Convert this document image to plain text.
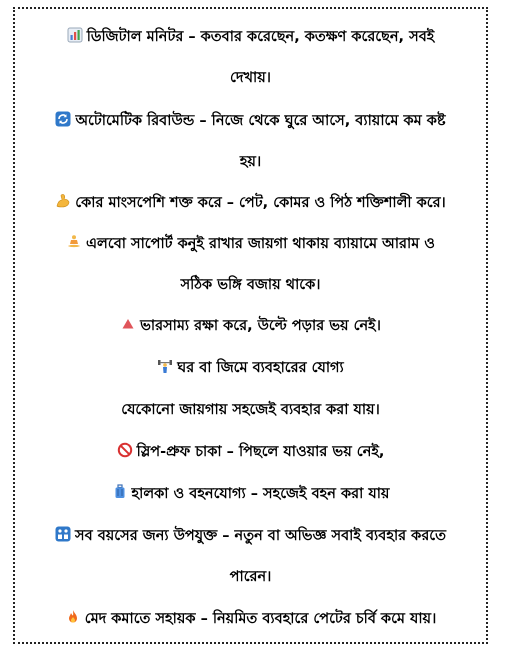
ডিজিটাল মনিটর – কতবার করেছেন, কতক্ষণ করেছেন, সবই
দেখায়।
অটোমেটিক রিবাউন্ড – নিজে থেকে ঘুরে আসে, ব্যায়ামে কম কষ্ট
হয়।
কোর মাংসপেশি শক্ত করে – পেট, কোমর ও পিঠ শক্তিশালী করে।
এলবো সাপোর্ট কনুই রাখার জায়গা থাকায় ব্যায়ামে আরাম ও
সঠিক ভঙ্গি বজায় থাকে।
ভারসাম্য রক্ষা করে, উল্টে পড়ার ভয় নেই।
ঘর বা জিমে ব্যবহারের যোগ্য
যেকোনো জায়গায় সহজেই ব্যবহার করা যায়।
স্লিপ-প্রুফ চাকা – পিছলে যাওয়ার ভয় নেই,
হালকা ও বহনযোগ্য – সহজেই বহন করা যায়
সব বয়সের জন্য উপযুক্ত – নতুন বা অভিজ্ঞ সবাই ব্যবহার করতে
পারেন।
মেদ কমাতে সহায়ক – নিয়মিত ব্যবহারে পেটের চর্বি কমে যায়।
